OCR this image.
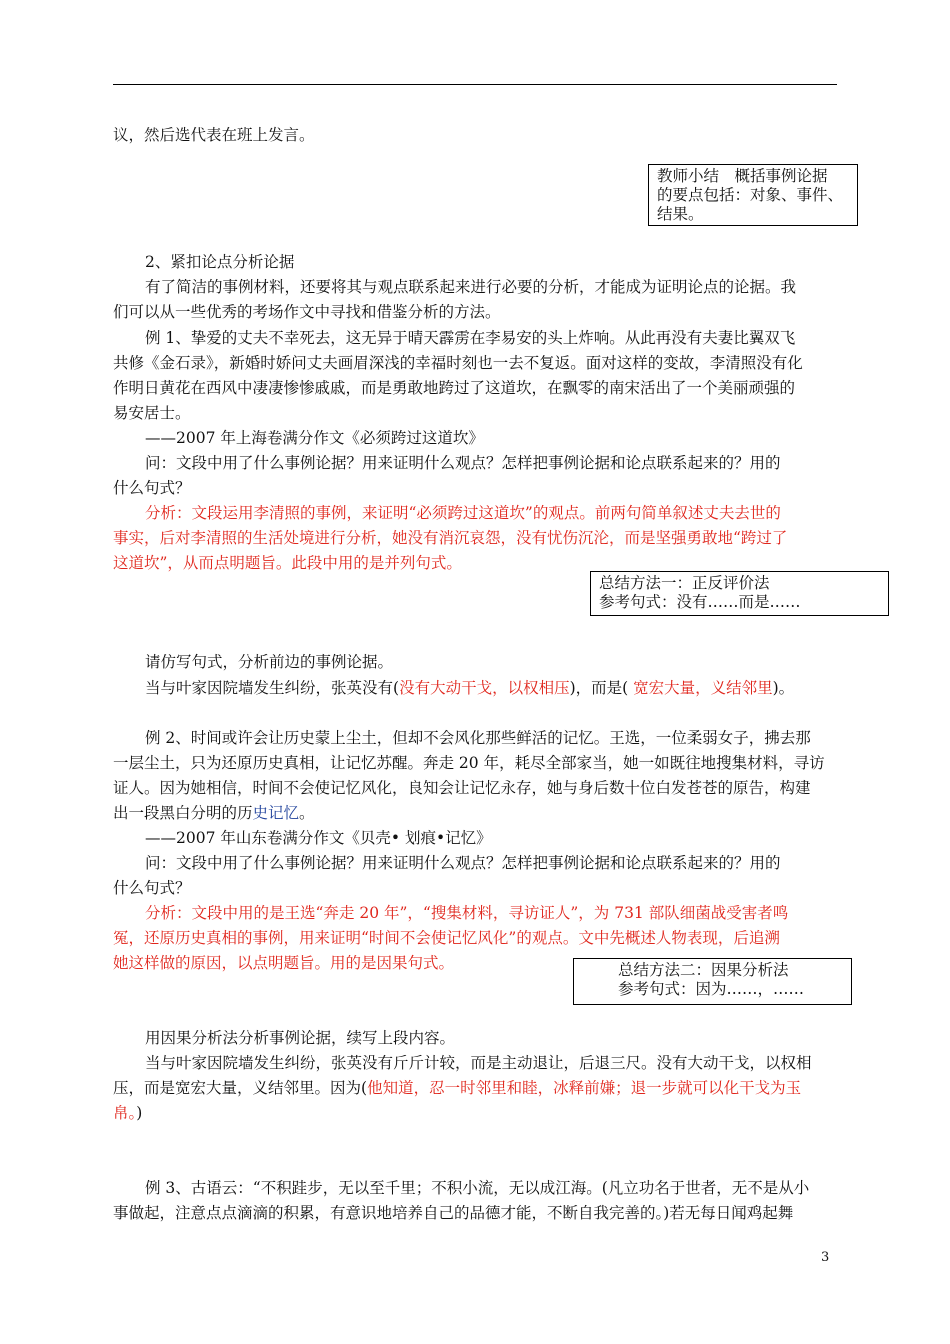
议，然后选代表在班上发言。
教师小结　概括事例论据
的要点包括：对象、事件、
结果。
2、紧扣论点分析论据
有了简洁的事例材料，还要将其与观点联系起来进行必要的分析，才能成为证明论点的论据。我
们可以从一些优秀的考场作文中寻找和借鉴分析的方法。
例 1、挚爱的丈夫不幸死去，这无异于晴天霹雳在李易安的头上炸响。从此再没有夫妻比翼双飞
共修《金石录》，新婚时娇问丈夫画眉深浅的幸福时刻也一去不复返。面对这样的变故，李清照没有化
作明日黄花在西风中凄凄惨惨戚戚，而是勇敢地跨过了这道坎，在飘零的南宋活出了一个美丽顽强的
易安居士。
——2007 年上海卷满分作文《必须跨过这道坎》
问：文段中用了什么事例论据？用来证明什么观点？怎样把事例论据和论点联系起来的？用的
什么句式？
分析：文段运用李清照的事例，来证明“必须跨过这道坎”的观点。前两句简单叙述丈夫去世的
事实，后对李清照的生活处境进行分析，她没有消沉哀怨，没有忧伤沉沦，而是坚强勇敢地“跨过了
这道坎”，从而点明题旨。此段中用的是并列句式。
总结方法一：正反评价法
参考句式：没有……而是……
请仿写句式，分析前边的事例论据。
当与叶家因院墙发生纠纷，张英没有(没有大动干戈，以权相压)，而是( 宽宏大量，义结邻里)。
例 2、时间或许会让历史蒙上尘土，但却不会风化那些鲜活的记忆。王选，一位柔弱女子，拂去那
一层尘土，只为还原历史真相，让记忆苏醒。奔走 20 年，耗尽全部家当，她一如既往地搜集材料，寻访
证人。因为她相信，时间不会使记忆风化，良知会让记忆永存，她与身后数十位白发苍苍的原告，构建
出一段黑白分明的历史记忆。
——2007 年山东卷满分作文《贝壳• 划痕•记忆》
问：文段中用了什么事例论据？用来证明什么观点？怎样把事例论据和论点联系起来的？用的
什么句式？
分析：文段中用的是王选“奔走 20 年”，“搜集材料，寻访证人”，为 731 部队细菌战受害者鸣
冤，还原历史真相的事例，用来证明“时间不会使记忆风化”的观点。文中先概述人物表现，后追溯
她这样做的原因，以点明题旨。用的是因果句式。	总结方法二：因果分析法
参考句式：因为……，……
用因果分析法分析事例论据，续写上段内容。
当与叶家因院墙发生纠纷，张英没有斤斤计较，而是主动退让，后退三尺。没有大动干戈，以权相
压，而是宽宏大量，义结邻里。因为(他知道，忍一时邻里和睦，冰释前嫌；退一步就可以化干戈为玉
帛。)
例 3、古语云：“不积跬步，无以至千里；不积小流，无以成江海。(凡立功名于世者，无不是从小
事做起，注意点点滴滴的积累，有意识地培养自己的品德才能，不断自我完善的。)若无每日闻鸡起舞
3
